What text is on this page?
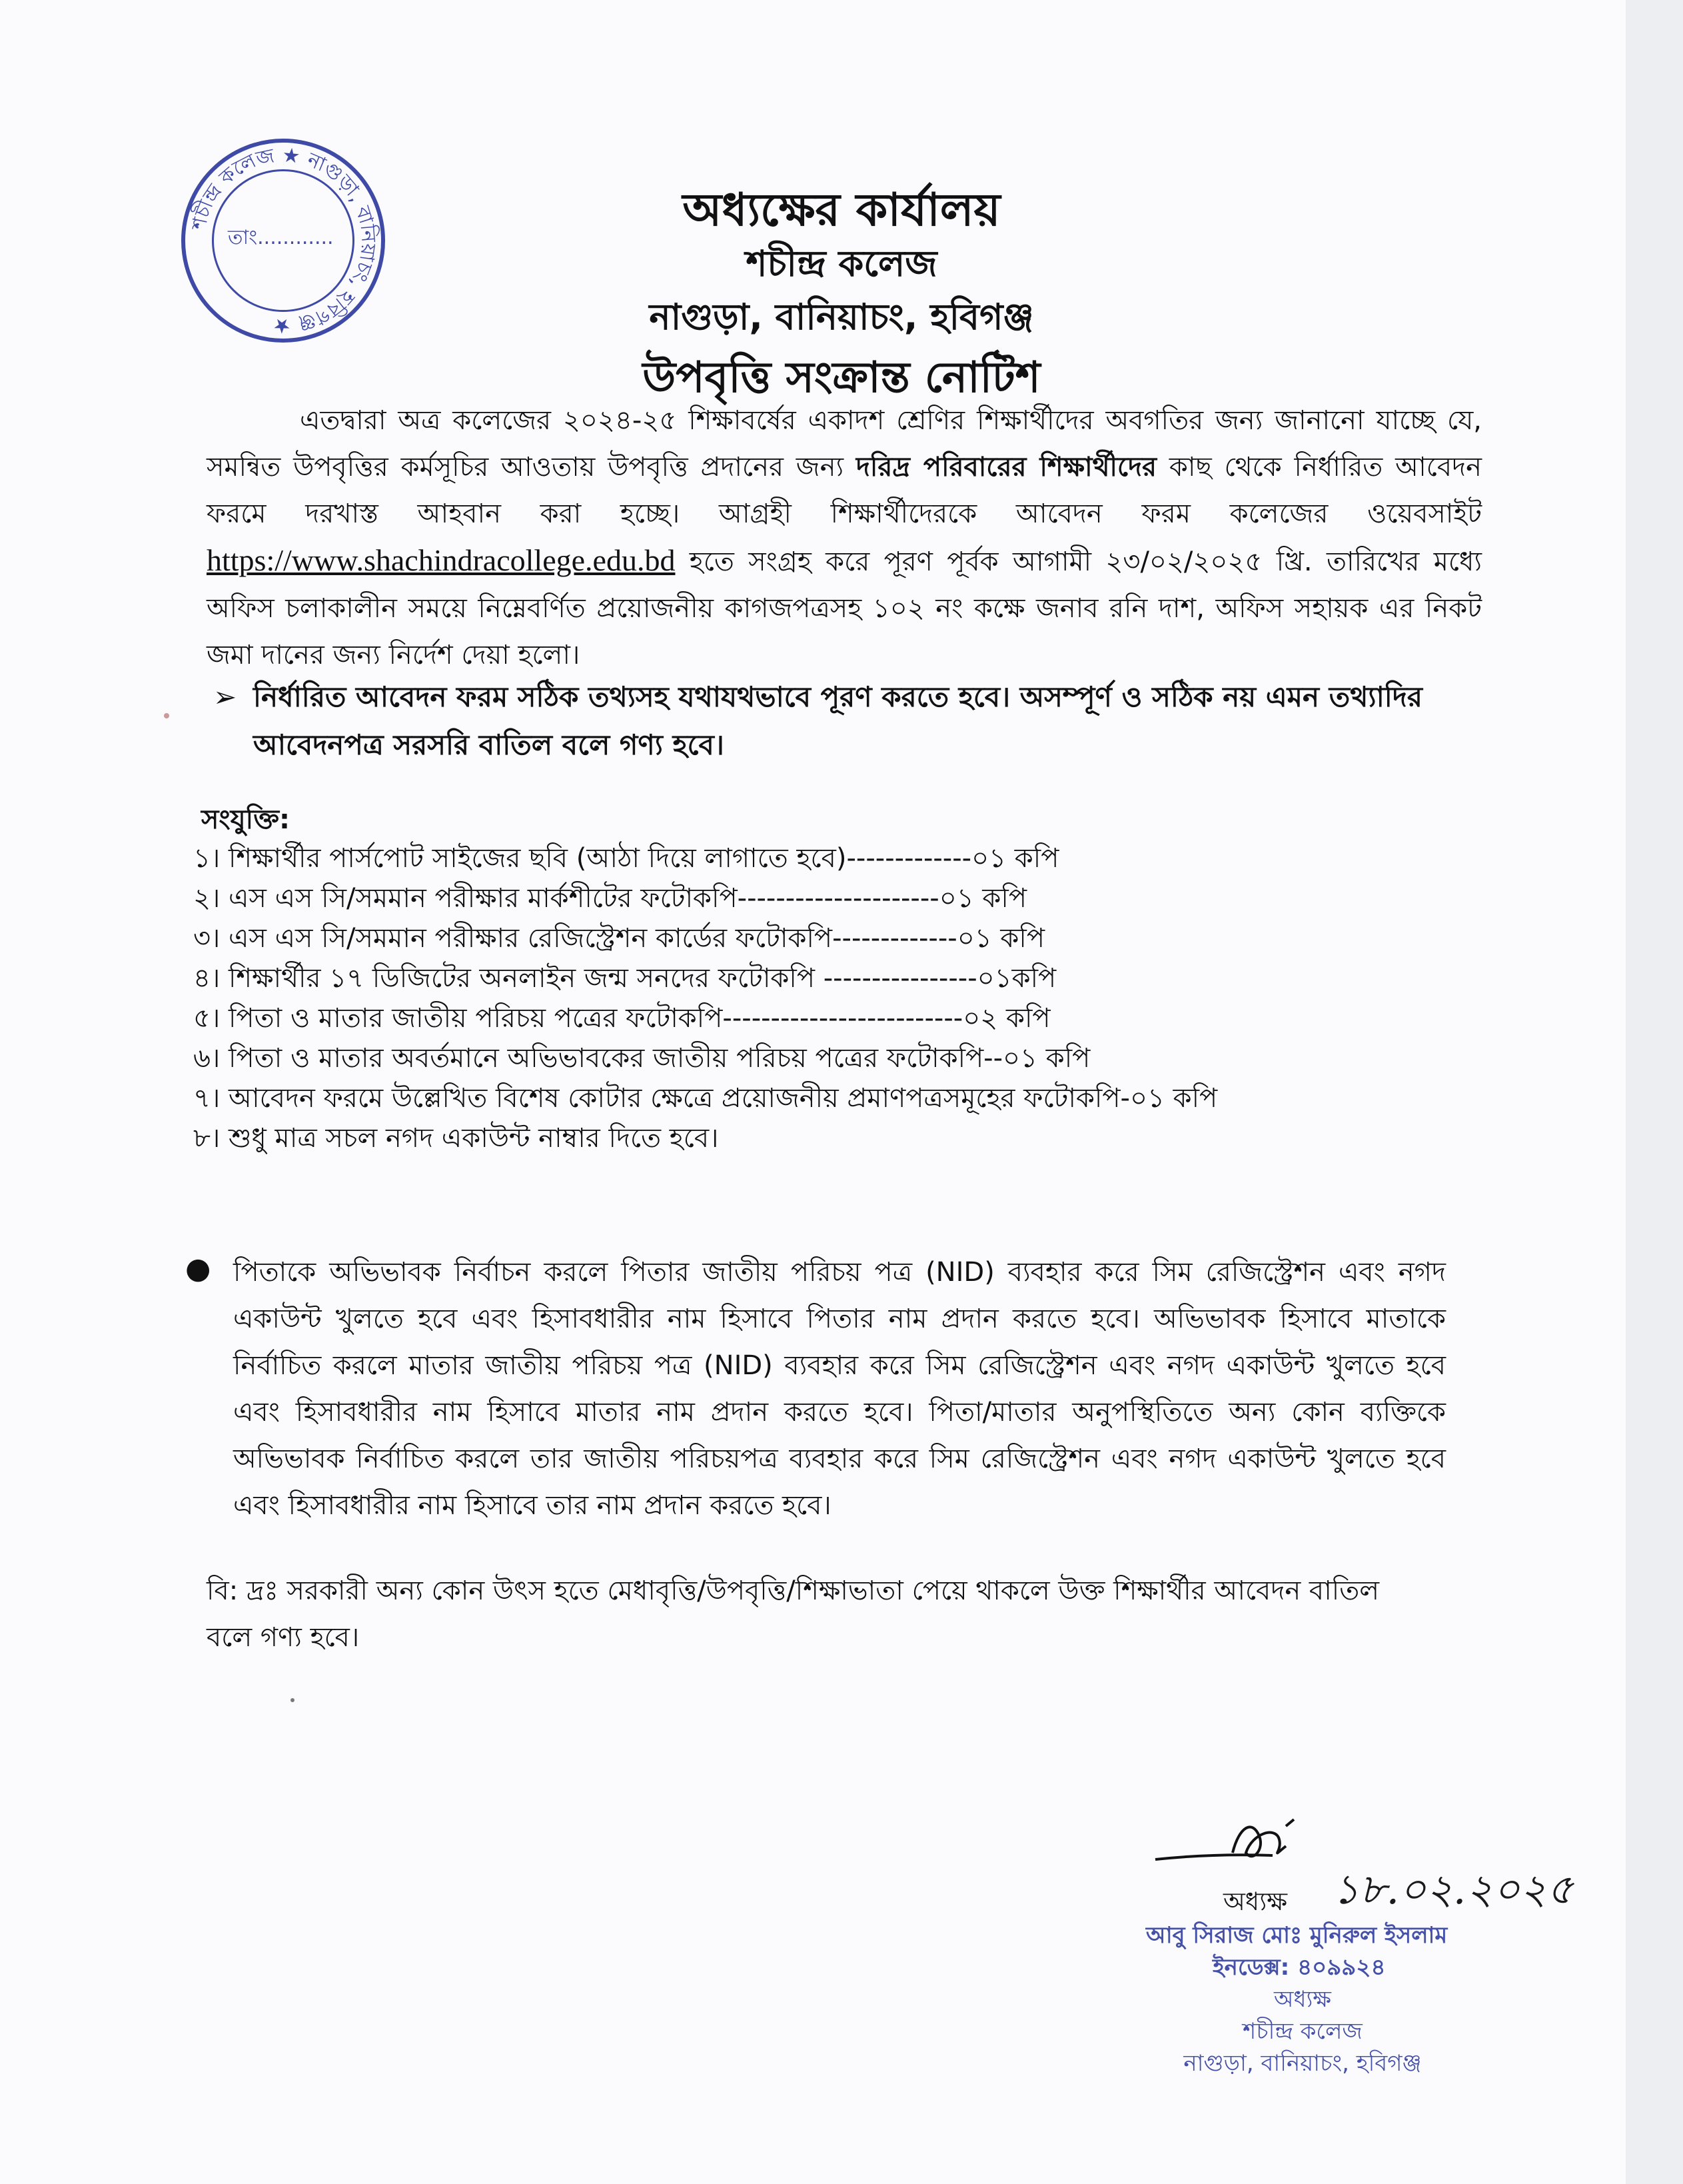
শচীন্দ্র কলেজ ★ নাগুড়া, বানিয়াচং, হবিগঞ্জ ★
তাং............
অধ্যক্ষের কার্যালয়
শচীন্দ্র কলেজ
নাগুড়া, বানিয়াচং, হবিগঞ্জ
উপবৃত্তি সংক্রান্ত নোটিশ
এতদ্বারা অত্র কলেজের ২০২৪-২৫ শিক্ষাবর্ষের একাদশ শ্রেণির শিক্ষার্থীদের অবগতির জন্য জানানো যাচ্ছে যে, সমন্বিত উপবৃত্তির কর্মসূচির আওতায় উপবৃত্তি প্রদানের জন্য দরিদ্র পরিবারের শিক্ষার্থীদের কাছ থেকে নির্ধারিত আবেদন ফরমে দরখাস্ত আহবান করা হচ্ছে। আগ্রহী শিক্ষার্থীদেরকে আবেদন ফরম কলেজের ওয়েবসাইট https://www.shachindracollege.edu.bd হতে সংগ্রহ করে পূরণ পূর্বক আগামী ২৩/০২/২০২৫ খ্রি. তারিখের মধ্যে অফিস চলাকালীন সময়ে নিম্নেবর্ণিত প্রয়োজনীয় কাগজপত্রসহ ১০২ নং কক্ষে জনাব রনি দাশ, অফিস সহায়ক এর নিকট জমা দানের জন্য নির্দেশ দেয়া হলো।
➢ নির্ধারিত আবেদন ফরম সঠিক তথ্যসহ যথাযথভাবে পূরণ করতে হবে। অসম্পূর্ণ ও সঠিক নয় এমন তথ্যাদির আবেদনপত্র সরসরি বাতিল বলে গণ্য হবে।
সংযুক্তি:
১। শিক্ষার্থীর পার্সপোট সাইজের ছবি (আঠা দিয়ে লাগাতে হবে)-------------০১ কপি
২। এস এস সি/সমমান পরীক্ষার মার্কশীটের ফটোকপি---------------------০১ কপি
৩। এস এস সি/সমমান পরীক্ষার রেজিস্ট্রেশন কার্ডের ফটোকপি-------------০১ কপি
৪। শিক্ষার্থীর ১৭ ডিজিটের অনলাইন জন্ম সনদের ফটোকপি ----------------০১কপি
৫। পিতা ও মাতার জাতীয় পরিচয় পত্রের ফটোকপি-------------------------০২ কপি
৬। পিতা ও মাতার অবর্তমানে অভিভাবকের জাতীয় পরিচয় পত্রের ফটোকপি--০১ কপি
৭। আবেদন ফরমে উল্লেখিত বিশেষ কোটার ক্ষেত্রে প্রয়োজনীয় প্রমাণপত্রসমূহের ফটোকপি-০১ কপি
৮। শুধু মাত্র সচল নগদ একাউন্ট নাম্বার দিতে হবে।
● পিতাকে অভিভাবক নির্বাচন করলে পিতার জাতীয় পরিচয় পত্র (NID) ব্যবহার করে সিম রেজিস্ট্রেশন এবং নগদ একাউন্ট খুলতে হবে এবং হিসাবধারীর নাম হিসাবে পিতার নাম প্রদান করতে হবে। অভিভাবক হিসাবে মাতাকে নির্বাচিত করলে মাতার জাতীয় পরিচয় পত্র (NID) ব্যবহার করে সিম রেজিস্ট্রেশন এবং নগদ একাউন্ট খুলতে হবে এবং হিসাবধারীর নাম হিসাবে মাতার নাম প্রদান করতে হবে। পিতা/মাতার অনুপস্থিতিতে অন্য কোন ব্যক্তিকে অভিভাবক নির্বাচিত করলে তার জাতীয় পরিচয়পত্র ব্যবহার করে সিম রেজিস্ট্রেশন এবং নগদ একাউন্ট খুলতে হবে এবং হিসাবধারীর নাম হিসাবে তার নাম প্রদান করতে হবে।
বি: দ্রঃ সরকারী অন্য কোন উৎস হতে মেধাবৃত্তি/উপবৃত্তি/শিক্ষাভাতা পেয়ে থাকলে উক্ত শিক্ষার্থীর আবেদন বাতিল বলে গণ্য হবে।
অধ্যক্ষ ১৮.০২.২০২৫
আবু সিরাজ মোঃ মুনিরুল ইসলাম
ইনডেক্স: ৪০৯৯২৪
অধ্যক্ষ
শচীন্দ্র কলেজ
নাগুড়া, বানিয়াচং, হবিগঞ্জ
